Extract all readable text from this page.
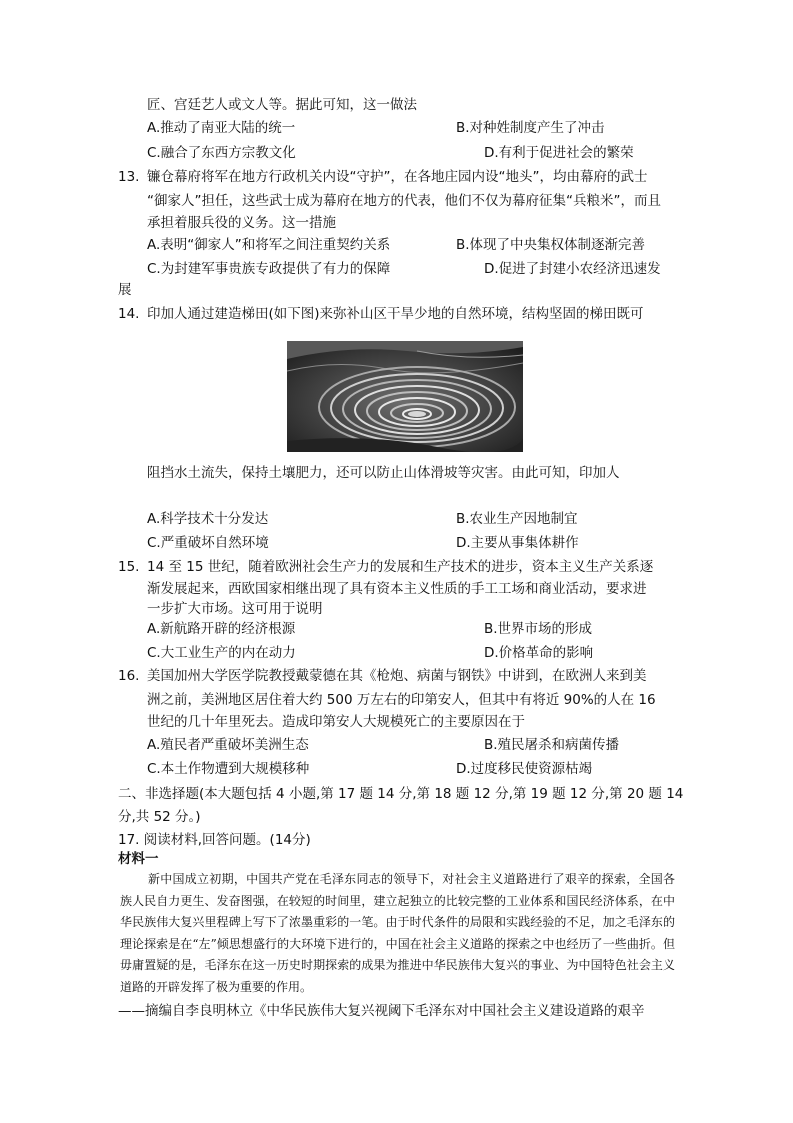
匠、宫廷艺人或文人等。据此可知，这一做法
A.推动了南亚大陆的统一	B.对种姓制度产生了冲击
C.融合了东西方宗教文化	D.有利于促进社会的繁荣
13. 镰仓幕府将军在地方行政机关内设“守护”，在各地庄园内设“地头”，均由幕府的武士
“御家人”担任，这些武士成为幕府在地方的代表，他们不仅为幕府征集“兵粮米”，而且
承担着服兵役的义务。这一措施
A.表明“御家人”和将军之间注重契约关系	B.体现了中央集权体制逐渐完善
C.为封建军事贵族专政提供了有力的保障	D.促进了封建小农经济迅速发
展
14. 印加人通过建造梯田(如下图)来弥补山区干旱少地的自然环境，结构坚固的梯田既可
阻挡水土流失，保持土壤肥力，还可以防止山体滑坡等灾害。由此可知，印加人
A.科学技术十分发达	B.农业生产因地制宜
C.严重破坏自然环境	D.主要从事集体耕作
15. 14 至 15 世纪，随着欧洲社会生产力的发展和生产技术的进步，资本主义生产关系逐
渐发展起来，西欧国家相继出现了具有资本主义性质的手工工场和商业活动，要求进
一步扩大市场。这可用于说明
A.新航路开辟的经济根源	B.世界市场的形成
C.大工业生产的内在动力	D.价格革命的影响
16. 美国加州大学医学院教授戴蒙德在其《枪炮、病菌与钢铁》中讲到，在欧洲人来到美
洲之前，美洲地区居住着大约 500 万左右的印第安人，但其中有将近 90%的人在 16
世纪的几十年里死去。造成印第安人大规模死亡的主要原因在于
A.殖民者严重破坏美洲生态	B.殖民屠杀和病菌传播
C.本土作物遭到大规模移种	D.过度移民使资源枯竭
二、非选择题(本大题包括 4 小题,第 17 题 14 分,第 18 题 12 分,第 19 题 12 分,第 20 题 14
分,共 52 分。)
17. 阅读材料,回答问题。(14分)
材料一
新中国成立初期，中国共产党在毛泽东同志的领导下，对社会主义道路进行了艰辛的探索，全国各族人民自力更生、发奋图强，在较短的时间里，建立起独立的比较完整的工业体系和国民经济体系，在中华民族伟大复兴里程碑上写下了浓墨重彩的一笔。由于时代条件的局限和实践经验的不足，加之毛泽东的理论探索是在“左”倾思想盛行的大环境下进行的，中国在社会主义道路的探索之中也经历了一些曲折。但毋庸置疑的是，毛泽东在这一历史时期探索的成果为推进中华民族伟大复兴的事业、为中国特色社会主义道路的开辟发挥了极为重要的作用。
——摘编自李良明林立《中华民族伟大复兴视阈下毛泽东对中国社会主义建设道路的艰辛
